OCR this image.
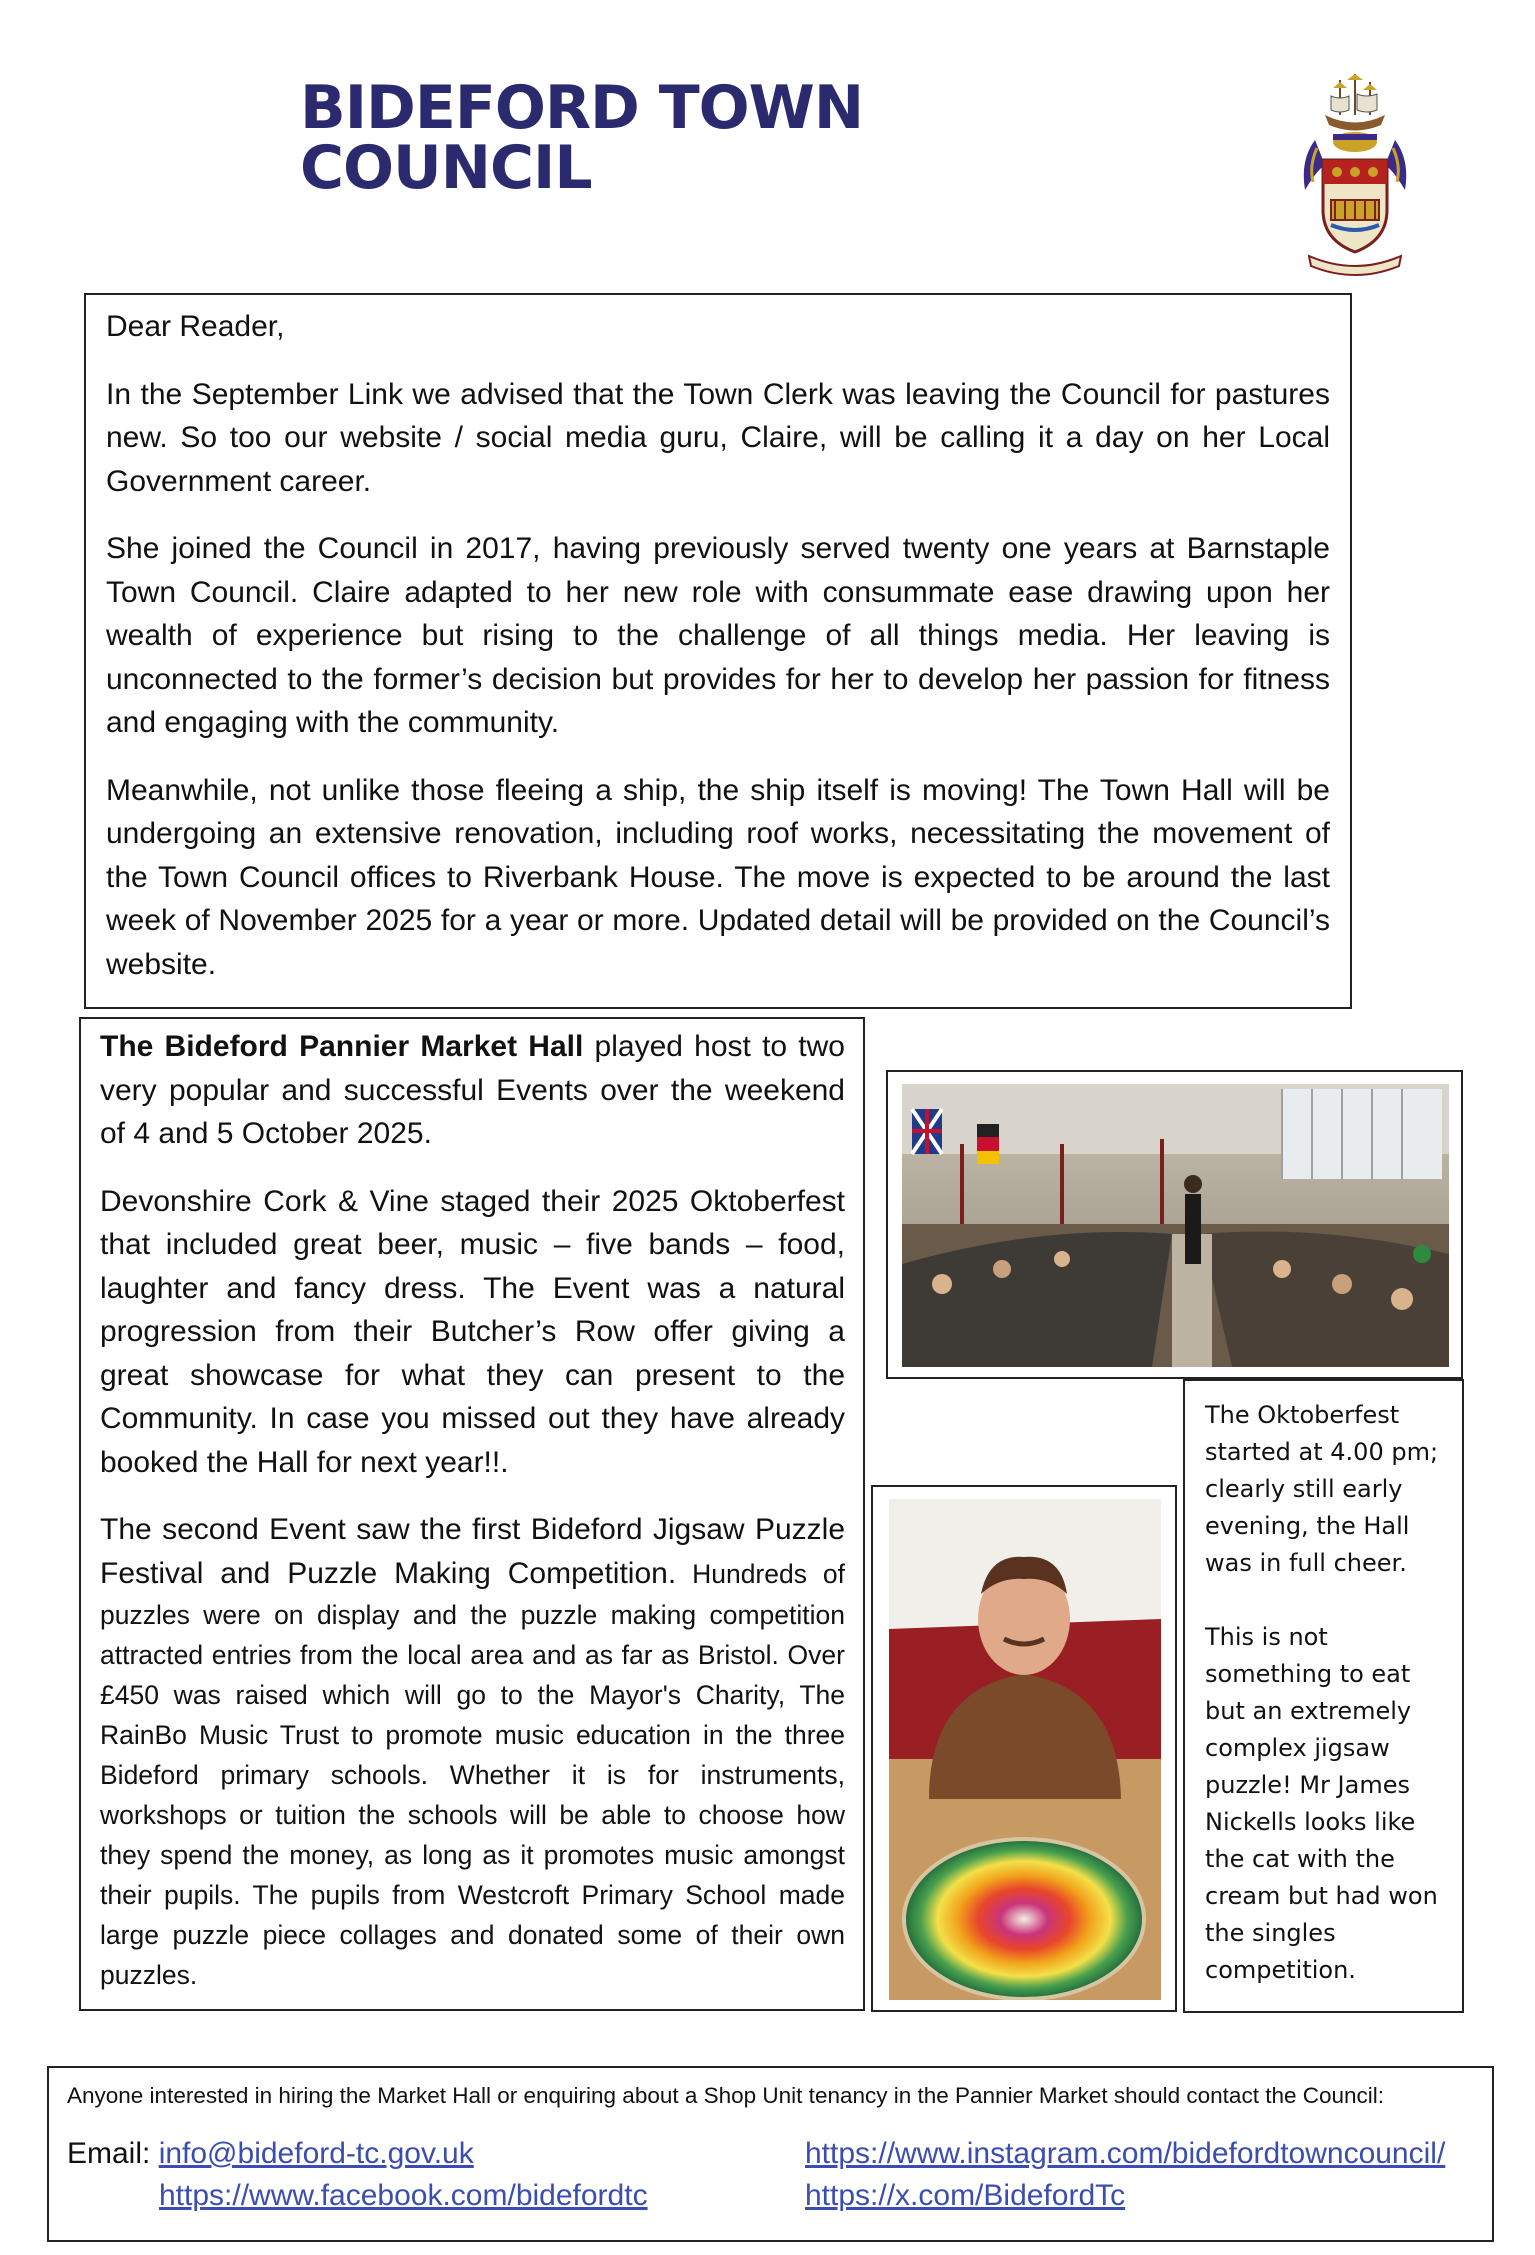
BIDEFORD TOWN COUNCIL

Dear Reader,

In the September Link we advised that the Town Clerk was leaving the Council for pastures new. So too our website / social media guru, Claire, will be calling it a day on her Local Government career.

She joined the Council in 2017, having previously served twenty one years at Barnstaple Town Council. Claire adapted to her new role with consummate ease drawing upon her wealth of experience but rising to the challenge of all things media. Her leaving is unconnected to the former’s decision but provides for her to develop her passion for fitness and engaging with the community.

Meanwhile, not unlike those fleeing a ship, the ship itself is moving! The Town Hall will be undergoing an extensive renovation, including roof works, necessitating the movement of the Town Council offices to Riverbank House. The move is expected to be around the last week of November 2025 for a year or more. Updated detail will be provided on the Council’s website.

The Bideford Pannier Market Hall played host to two very popular and successful Events over the weekend of 4 and 5 October 2025.

Devonshire Cork & Vine staged their 2025 Oktoberfest that included great beer, music – five bands – food, laughter and fancy dress. The Event was a natural progression from their Butcher’s Row offer giving a great showcase for what they can present to the Community. In case you missed out they have already booked the Hall for next year!!.

The second Event saw the first Bideford Jigsaw Puzzle Festival and Puzzle Making Competition. Hundreds of puzzles were on display and the puzzle making competition attracted entries from the local area and as far as Bristol. Over £450 was raised which will go to the Mayor's Charity, The RainBo Music Trust to promote music education in the three Bideford primary schools. Whether it is for instruments, workshops or tuition the schools will be able to choose how they spend the money, as long as it promotes music amongst their pupils. The pupils from Westcroft Primary School made large puzzle piece collages and donated some of their own puzzles.

The Oktoberfest started at 4.00 pm; clearly still early evening, the Hall was in full cheer.

This is not something to eat but an extremely complex jigsaw puzzle! Mr James Nickells looks like the cat with the cream but had won the singles competition.

Anyone interested in hiring the Market Hall or enquiring about a Shop Unit tenancy in the Pannier Market should contact the Council:

Email: info@bideford-tc.gov.uk
https://www.facebook.com/bidefordtc
https://www.instagram.com/bidefordtowncouncil/
https://x.com/BidefordTc
